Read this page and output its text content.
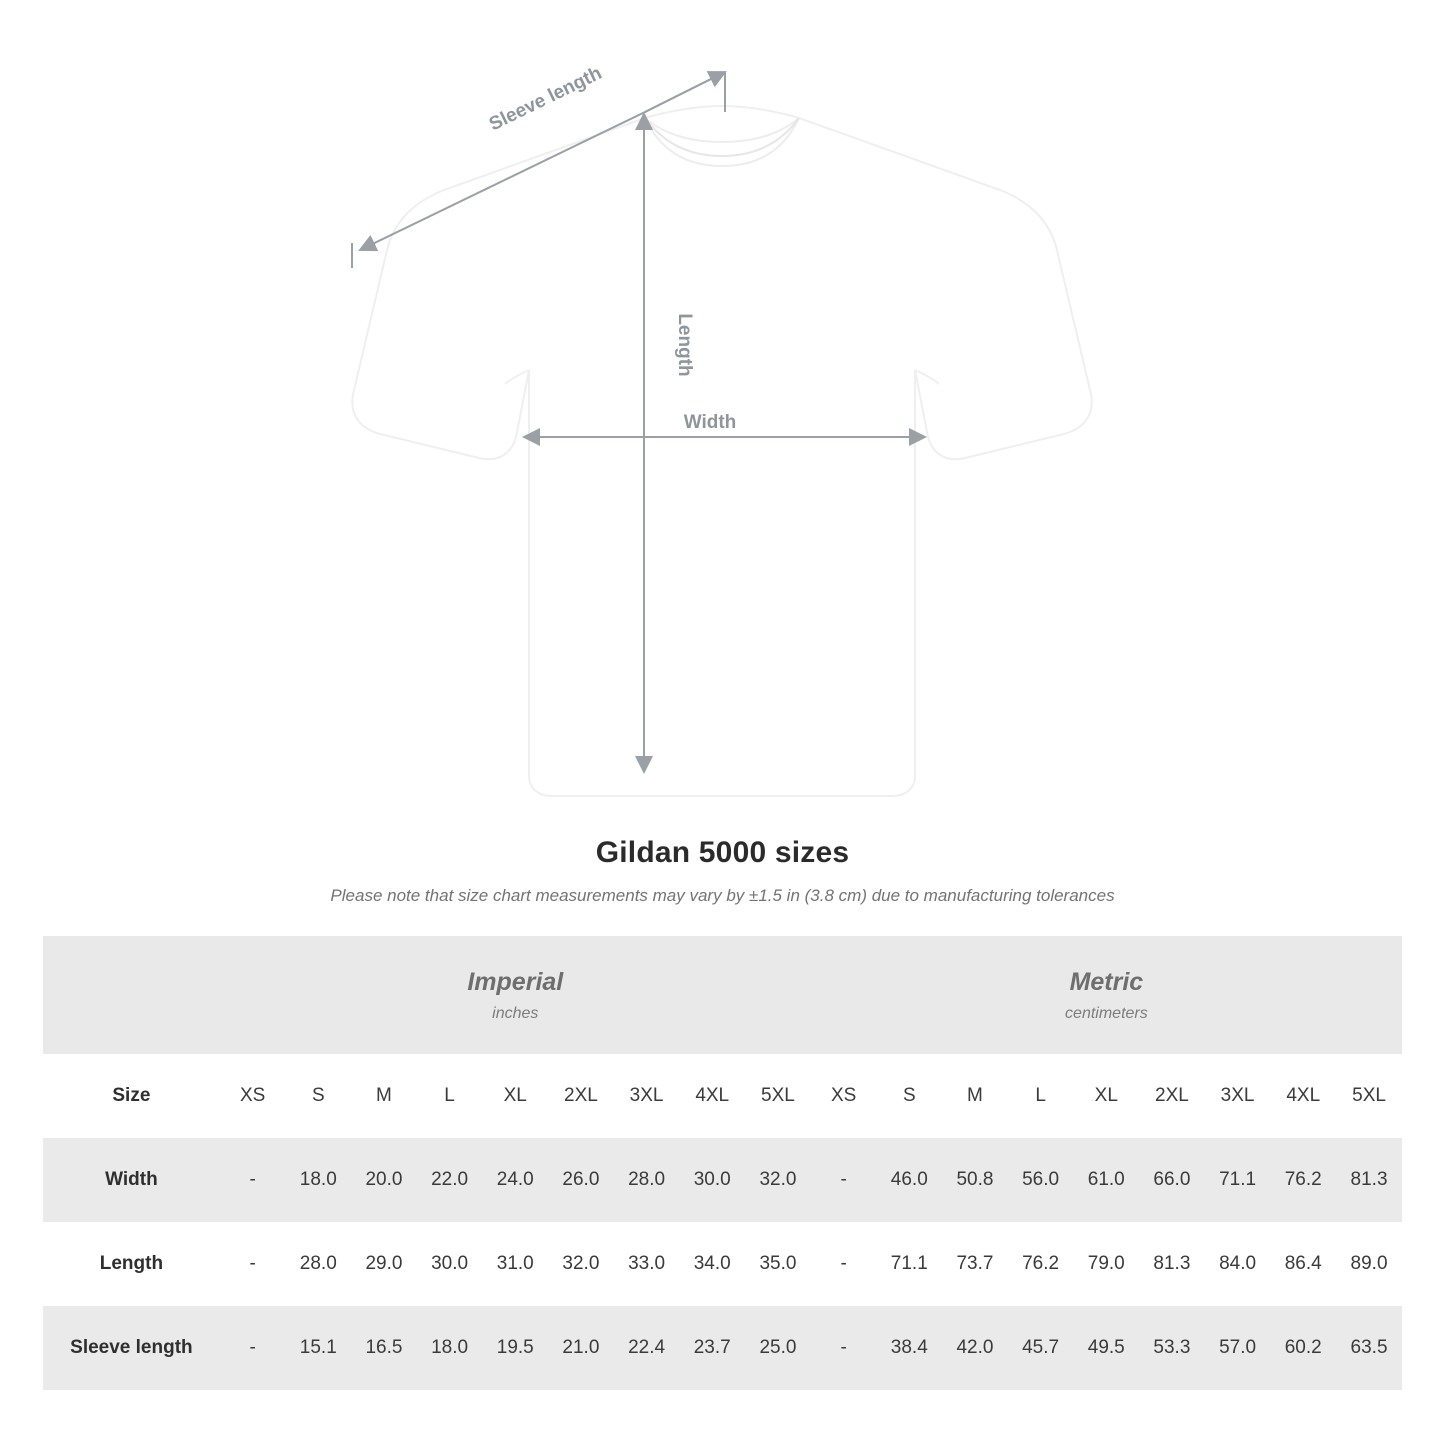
Length
Width
Sleeve length
Gildan 5000 sizes
Please note that size chart measurements may vary by ±1.5 in (3.8 cm) due to manufacturing tolerances

Imperial
inches

Metric
centimeters

Size	XS	S	M	L	XL	2XL	3XL	4XL	5XL	XS	S	M	L	XL	2XL	3XL	4XL	5XL
Width	-	18.0	20.0	22.0	24.0	26.0	28.0	30.0	32.0	-	46.0	50.8	56.0	61.0	66.0	71.1	76.2	81.3
Length	-	28.0	29.0	30.0	31.0	32.0	33.0	34.0	35.0	-	71.1	73.7	76.2	79.0	81.3	84.0	86.4	89.0
Sleeve length	-	15.1	16.5	18.0	19.5	21.0	22.4	23.7	25.0	-	38.4	42.0	45.7	49.5	53.3	57.0	60.2	63.5
